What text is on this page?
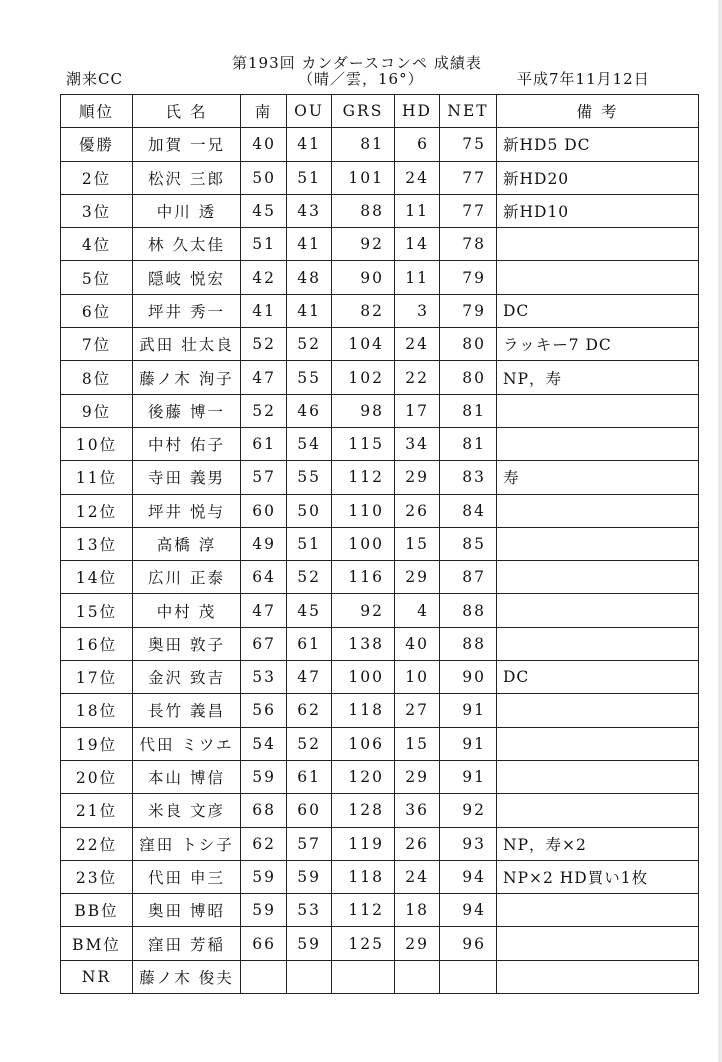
第193回 カンダースコンペ 成績表
潮来CC	（晴／雲，16°）	平成7年11月12日
順位	氏 名	南	OU	GRS	HD	NET	備 考
優勝	加賀 一兄	40	41	81	6	75	新HD5 DC
2位	松沢 三郎	50	51	101	24	77	新HD20
3位	中川 透	45	43	88	11	77	新HD10
4位	林 久太佳	51	41	92	14	78	
5位	隠岐 悦宏	42	48	90	11	79	
6位	坪井 秀一	41	41	82	3	79	DC
7位	武田 壮太良	52	52	104	24	80	ラッキー7 DC
8位	藤ノ木 洵子	47	55	102	22	80	NP，寿
9位	後藤 博一	52	46	98	17	81	
10位	中村 佑子	61	54	115	34	81	
11位	寺田 義男	57	55	112	29	83	寿
12位	坪井 悦与	60	50	110	26	84	
13位	高橋 淳	49	51	100	15	85	
14位	広川 正泰	64	52	116	29	87	
15位	中村 茂	47	45	92	4	88	
16位	奥田 敦子	67	61	138	40	88	
17位	金沢 致吉	53	47	100	10	90	DC
18位	長竹 義昌	56	62	118	27	91	
19位	代田 ミツエ	54	52	106	15	91	
20位	本山 博信	59	61	120	29	91	
21位	米良 文彦	68	60	128	36	92	
22位	窪田 トシ子	62	57	119	26	93	NP，寿×2
23位	代田 申三	59	59	118	24	94	NP×2 HD買い1枚
BB位	奥田 博昭	59	53	112	18	94	
BM位	窪田 芳稲	66	59	125	29	96	
NR	藤ノ木 俊夫						
